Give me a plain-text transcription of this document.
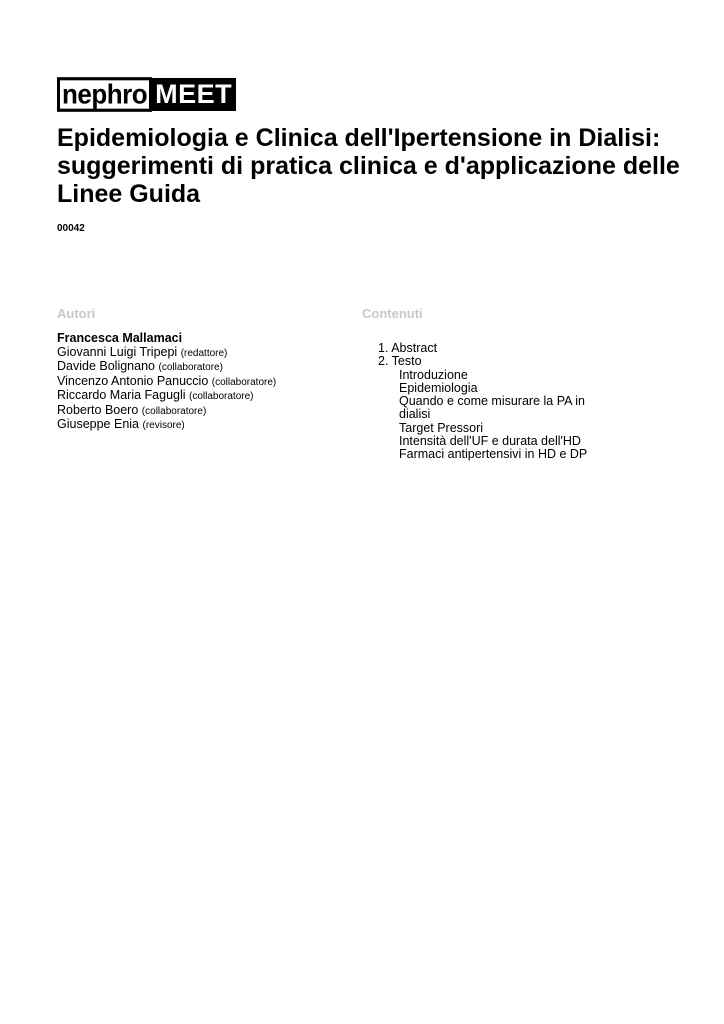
nephro MEET
Epidemiologia e Clinica dell'Ipertensione in Dialisi: suggerimenti di pratica clinica e d'applicazione delle Linee Guida
00042
Autori	Contenuti
Francesca Mallamaci
Giovanni Luigi Tripepi (redattore)
Davide Bolignano (collaboratore)
Vincenzo Antonio Panuccio (collaboratore)
Riccardo Maria Fagugli (collaboratore)
Roberto Boero (collaboratore)
Giuseppe Enia (revisore)
1. Abstract
2. Testo
Introduzione
Epidemiologia
Quando e come misurare la PA in dialisi
Target Pressori
Intensità dell'UF e durata dell'HD
Farmaci antipertensivi in HD e DP
